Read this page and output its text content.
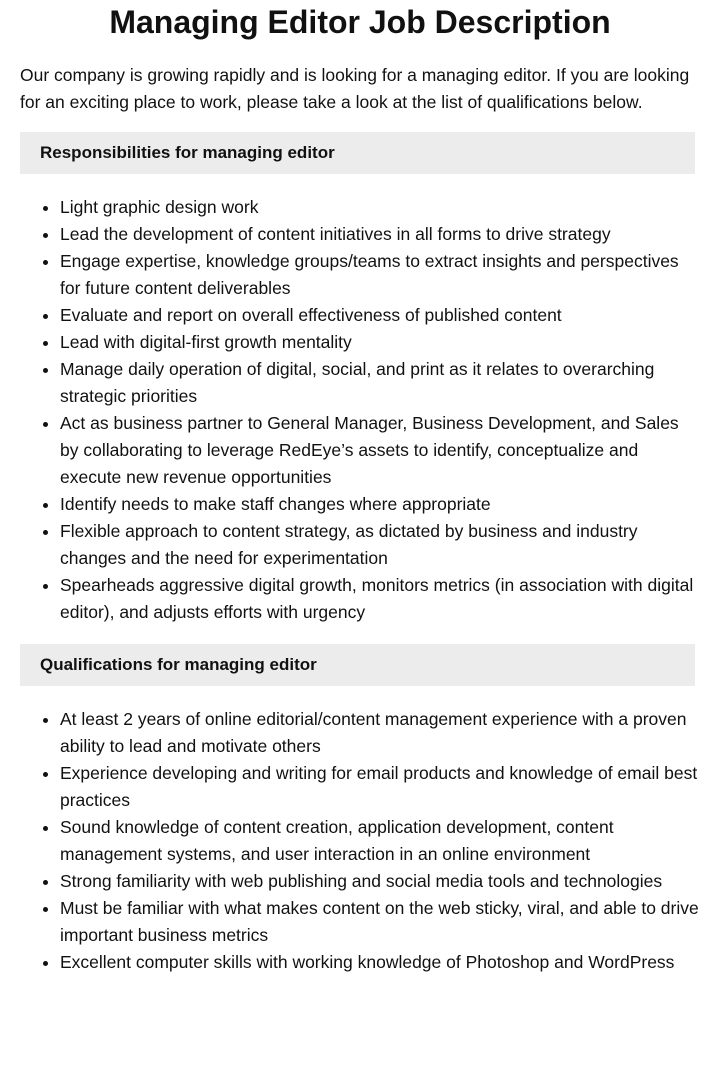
Managing Editor Job Description

Our company is growing rapidly and is looking for a managing editor. If you are looking for an exciting place to work, please take a look at the list of qualifications below.

Responsibilities for managing editor
• Light graphic design work
• Lead the development of content initiatives in all forms to drive strategy
• Engage expertise, knowledge groups/teams to extract insights and perspectives for future content deliverables
• Evaluate and report on overall effectiveness of published content
• Lead with digital-first growth mentality
• Manage daily operation of digital, social, and print as it relates to overarching strategic priorities
• Act as business partner to General Manager, Business Development, and Sales by collaborating to leverage RedEye’s assets to identify, conceptualize and execute new revenue opportunities
• Identify needs to make staff changes where appropriate
• Flexible approach to content strategy, as dictated by business and industry changes and the need for experimentation
• Spearheads aggressive digital growth, monitors metrics (in association with digital editor), and adjusts efforts with urgency
Qualifications for managing editor
• At least 2 years of online editorial/content management experience with a proven ability to lead and motivate others
• Experience developing and writing for email products and knowledge of email best practices
• Sound knowledge of content creation, application development, content management systems, and user interaction in an online environment
• Strong familiarity with web publishing and social media tools and technologies
• Must be familiar with what makes content on the web sticky, viral, and able to drive important business metrics
• Excellent computer skills with working knowledge of Photoshop and WordPress
